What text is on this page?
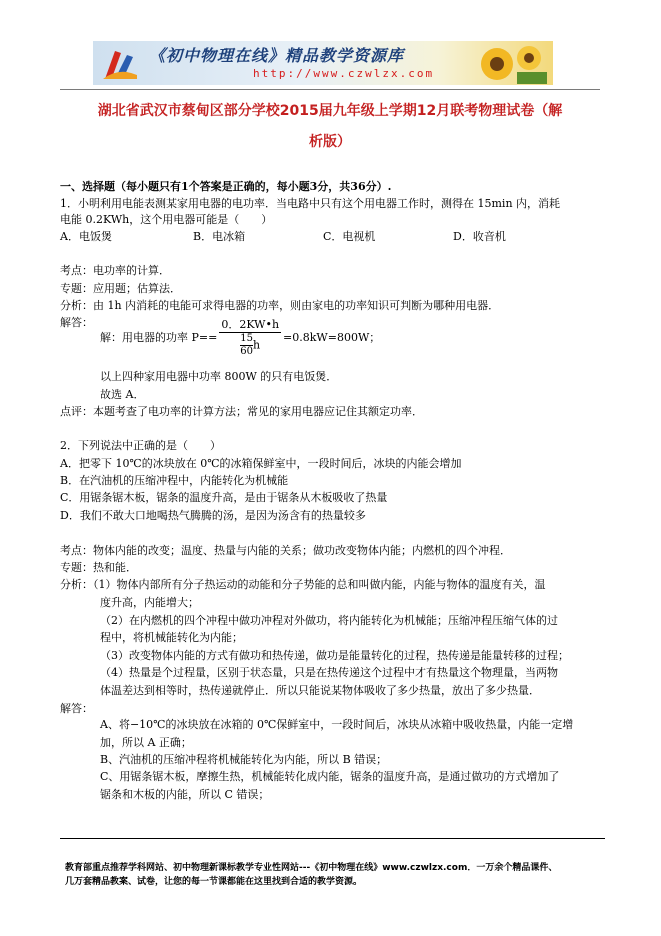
《初中物理在线》精品教学资源库
http://www.czwlzx.com
湖北省武汉市蔡甸区部分学校2015届九年级上学期12月联考物理试卷（解
析版）
一、选择题（每小题只有1个答案是正确的，每小题3分，共36分）.
1．小明利用电能表测某家用电器的电功率．当电路中只有这个用电器工作时，测得在 15min 内，消耗
电能 0.2KWh，这个用电器可能是（　　）
A．电饭煲	B．电冰箱	C．电视机	D．收音机
考点：电功率的计算．
专题：应用题；估算法．
分析：由 1h 内消耗的电能可求得电器的功率，则由家电的功率知识可判断为哪种用电器．
解答：
解：用电器的功率 $P== \frac{0.2KW•h}{\frac{15}{60}h} =0.8kW=800W$；
以上四种家用电器中功率 800W 的只有电饭煲．
故选 A．
点评：本题考查了电功率的计算方法；常见的家用电器应记住其额定功率．
2．下列说法中正确的是（　　）
A．把零下 10℃的冰块放在 0℃的冰箱保鲜室中，一段时间后，冰块的内能会增加
B．在汽油机的压缩冲程中，内能转化为机械能
C．用锯条锯木板，锯条的温度升高，是由于锯条从木板吸收了热量
D．我们不敢大口地喝热气腾腾的汤，是因为汤含有的热量较多
考点：物体内能的改变；温度、热量与内能的关系；做功改变物体内能；内燃机的四个冲程．
专题：热和能．
分析：（1）物体内部所有分子热运动的动能和分子势能的总和叫做内能，内能与物体的温度有关，温
度升高，内能增大；
（2）在内燃机的四个冲程中做功冲程对外做功，将内能转化为机械能；压缩冲程压缩气体的过
程中，将机械能转化为内能；
（3）改变物体内能的方式有做功和热传递，做功是能量转化的过程，热传递是能量转移的过程；
（4）热量是个过程量，区别于状态量，只是在热传递这个过程中才有热量这个物理量，当两物
体温差达到相等时，热传递就停止．所以只能说某物体吸收了多少热量，放出了多少热量．
解答：
A、将−10℃的冰块放在冰箱的 0℃保鲜室中，一段时间后，冰块从冰箱中吸收热量，内能一定增
加，所以 A 正确；
B、汽油机的压缩冲程将机械能转化为内能，所以 B 错误；
C、用锯条锯木板，摩擦生热，机械能转化成内能，锯条的温度升高，是通过做功的方式增加了
锯条和木板的内能，所以 C 错误；
教育部重点推荐学科网站、初中物理新课标教学专业性网站---《初中物理在线》www.czwlzx.com．一万余个精品课件、
几万套精品教案、试卷，让您的每一节课都能在这里找到合适的教学资源。
